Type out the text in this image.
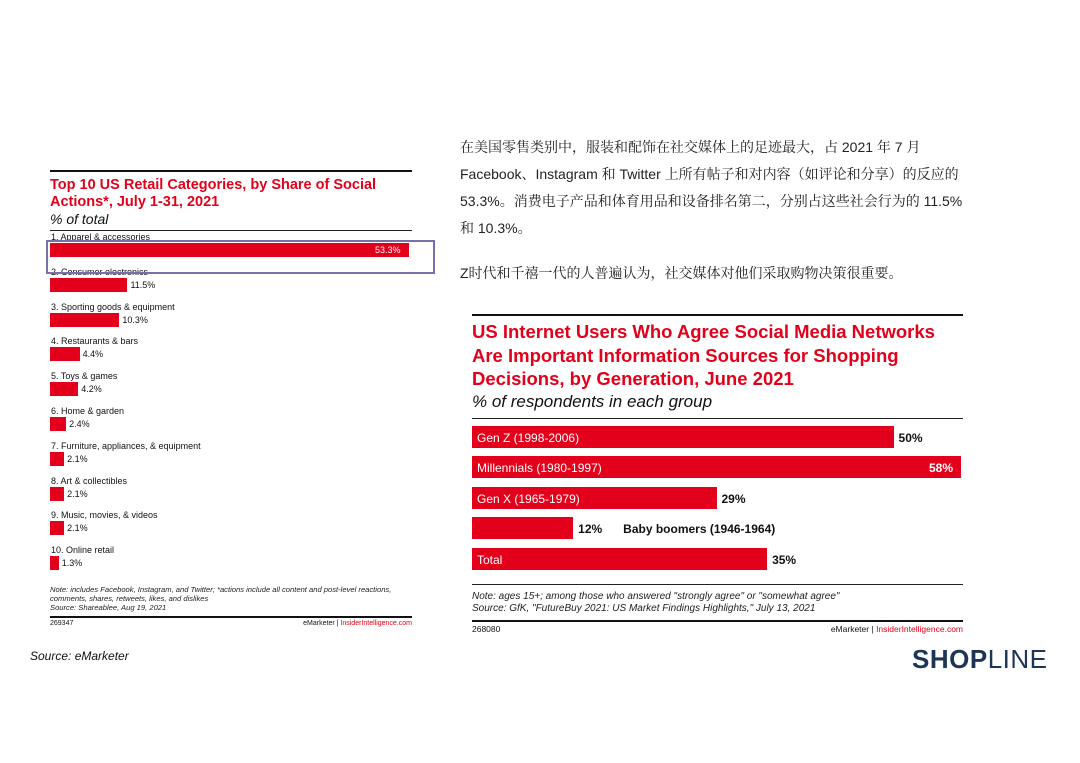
Top 10 US Retail Categories, by Share of Social Actions*, July 1-31, 2021
% of total
1. Apparel & accessories
53.3%
2. Consumer electronics
11.5%
3. Sporting goods & equipment
10.3%
4. Restaurants & bars
4.4%
5. Toys & games
4.2%
6. Home & garden
2.4%
7. Furniture, appliances, & equipment
2.1%
8. Art & collectibles
2.1%
9. Music, movies, & videos
2.1%
10. Online retail
1.3%
Note: includes Facebook, Instagram, and Twitter; *actions include all content and post-level reactions, comments, shares, retweets, likes, and dislikes
Source: Shareablee, Aug 19, 2021
269347	eMarketer | InsiderIntelligence.com
Source: eMarketer

在美国零售类别中，服装和配饰在社交媒体上的足迹最大，占 2021 年 7 月 Facebook、Instagram 和 Twitter 上所有帖子和对内容（如评论和分享）的反应的 53.3%。消费电子产品和体育用品和设备排名第二，分别占这些社会行为的 11.5% 和 10.3%。

Z时代和千禧一代的人普遍认为，社交媒体对他们采取购物决策很重要。

US Internet Users Who Agree Social Media Networks Are Important Information Sources for Shopping Decisions, by Generation, June 2021
% of respondents in each group
Gen Z (1998-2006)	50%
Millennials (1980-1997)	58%
Gen X (1965-1979)	29%
12% Baby boomers (1946-1964)
Total	35%
Note: ages 15+; among those who answered "strongly agree" or "somewhat agree"
Source: GfK, "FutureBuy 2021: US Market Findings Highlights," July 13, 2021
268080	eMarketer | InsiderIntelligence.com
SHOPLINE
